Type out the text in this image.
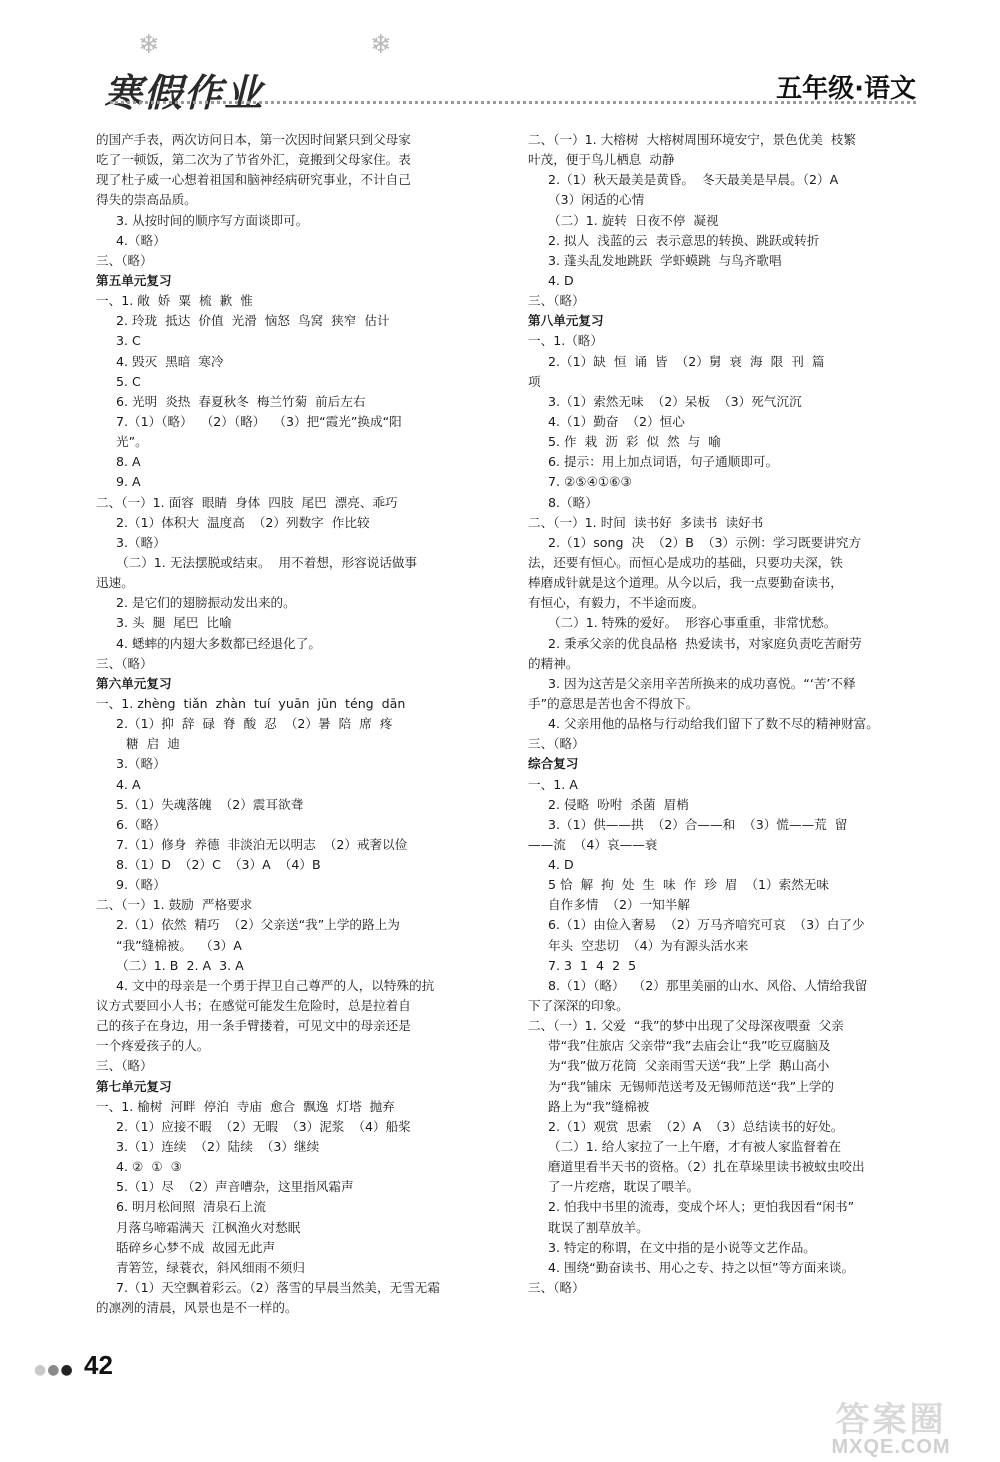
❄	❄
寒假作业	五年级·语文
的国产手表，两次访问日本，第一次因时间紧只到父母家
吃了一顿饭，第二次为了节省外汇，竟搬到父母家住。表
现了杜子威一心想着祖国和脑神经病研究事业，不计自己
得失的崇高品质。
3. 从按时间的顺序写方面谈即可。
4.（略）
三、（略）
第五单元复习
一、1. 敞  娇  粟  梳  歉  惟
2. 玲珑  抵达  价值  光滑  恼怒  鸟窝  狭窄  估计
3. C
4. 毁灭  黑暗  寒冷
5. C
6. 光明  炎热  春夏秋冬  梅兰竹菊  前后左右
7.（1）（略）  （2）（略）  （3）把“霞光”换成“阳
光”。
8. A
9. A
二、（一）1. 面容  眼睛  身体  四肢  尾巴  漂亮、乖巧
2.（1）体积大  温度高  （2）列数字  作比较
3.（略）
（二）1. 无法摆脱或结束。  用不着想，形容说话做事
迅速。
2. 是它们的翅膀振动发出来的。
3. 头  腿  尾巴  比喻
4. 蟋蟀的内翅大多数都已经退化了。
三、（略）
第六单元复习
一、1. zhèng  tiǎn  zhàn  tuí  yuān  jūn  téng  dān
2.（1）抑  辞  碌  脊  酸  忍  （2）暑  陪  席  疼
糖  启  迪
3.（略）
4. A
5.（1）失魂落魄  （2）震耳欲聋
6.（略）
7.（1）修身  养德  非淡泊无以明志  （2）戒奢以俭
8.（1）D  （2）C  （3）A  （4）B
9.（略）
二、（一）1. 鼓励  严格要求
2.（1）依然  精巧  （2）父亲送“我”上学的路上为
“我”缝棉被。  （3）A
（二）1. B  2. A  3. A
4. 文中的母亲是一个勇于捍卫自己尊严的人，以特殊的抗
议方式要回小人书；在感觉可能发生危险时，总是拉着自
己的孩子在身边，用一条手臂搂着，可见文中的母亲还是
一个疼爱孩子的人。
三、（略）
第七单元复习
一、1. 榆树  河畔  停泊  寺庙  愈合  飘逸  灯塔  抛弃
2.（1）应接不暇  （2）无暇  （3）泥浆  （4）船桨
3.（1）连续  （2）陆续  （3）继续
4. ②  ①  ③
5.（1）尽  （2）声音嘈杂，这里指风霜声
6. 明月松间照  清泉石上流
月落乌啼霜满天  江枫渔火对愁眠
聒碎乡心梦不成  故园无此声
青箬笠，绿蓑衣，斜风细雨不须归
7.（1）天空飘着彩云。（2）落雪的早晨当然美，无雪无霜
的凛冽的清晨，风景也是不一样的。
二、（一）1. 大榕树  大榕树周围环境安宁，景色优美  枝繁
叶茂，便于鸟儿栖息  动静
2.（1）秋天最美是黄昏。  冬天最美是早晨。（2）A
（3）闲适的心情
（二）1. 旋转  日夜不停  凝视
2. 拟人  浅蓝的云  表示意思的转换、跳跃或转折
3. 蓬头乱发地跳跃  学虾蟆跳  与鸟齐歌唱
4. D
三、（略）
第八单元复习
一、1.（略）
2.（1）缺  恒  诵  皆  （2）舅  衰  海  限  刊  篇
项
3.（1）索然无味  （2）呆板  （3）死气沉沉
4.（1）勤奋  （2）恒心
5. 作  栽  沥  彩  似  然  与  喻
6. 提示：用上加点词语，句子通顺即可。
7. ②⑤④①⑥③
8.（略）
二、（一）1. 时间  读书好  多读书  读好书
2.（1）song  决  （2）B  （3）示例：学习既要讲究方
法，还要有恒心。而恒心是成功的基础，只要功夫深，铁
棒磨成针就是这个道理。从今以后，我一点要勤奋读书，
有恒心，有毅力，不半途而废。
（二）1. 特殊的爱好。  形容心事重重，非常忧愁。
2. 秉承父亲的优良品格  热爱读书，对家庭负责吃苦耐劳
的精神。
3. 因为这苦是父亲用辛苦所换来的成功喜悦。“‘苦’不释
手”的意思是苦也舍不得放下。
4. 父亲用他的品格与行动给我们留下了数不尽的精神财富。
三、（略）
综合复习
一、1. A
2. 侵略  吩咐  杀菌  眉梢
3.（1）供——拱  （2）合——和  （3）慌——荒  留
——流  （4）哀——衰
4. D
5 恰  解  拘  处  生  味  作  珍  眉  （1）索然无味
自作多情  （2）一知半解
6.（1）由俭入奢易  （2）万马齐喑究可哀  （3）白了少
年头  空悲切  （4）为有源头活水来
7. 3  1  4  2  5
8.（1）（略）  （2）那里美丽的山水、风俗、人情给我留
下了深深的印象。
二、（一）1. 父爱  “我”的梦中出现了父母深夜喂蚕  父亲
带“我”住旅店 父亲带“我”去庙会让“我”吃豆腐脑及
为“我”做万花筒  父亲雨雪天送“我”上学  鹅山高小
为“我”铺床  无锡师范送考及无锡师范送“我”上学的
路上为“我”缝棉被
2.（1）观赏  思索  （2）A  （3）总结读书的好处。
（二）1. 给人家拉了一上午磨，才有被人家监督着在
磨道里看半天书的资格。（2）扎在草垛里读书被蚊虫咬出
了一片疙瘩，耽误了喂羊。
2. 怕我中书里的流毒，变成个坏人；更怕我因看“闲书”
耽误了割草放羊。
3. 特定的称谓，在文中指的是小说等文艺作品。
4. 围绕“勤奋读书、用心之专、持之以恒”等方面来谈。
三、（略）
●●● 42
答案圈
MXQE.COM
